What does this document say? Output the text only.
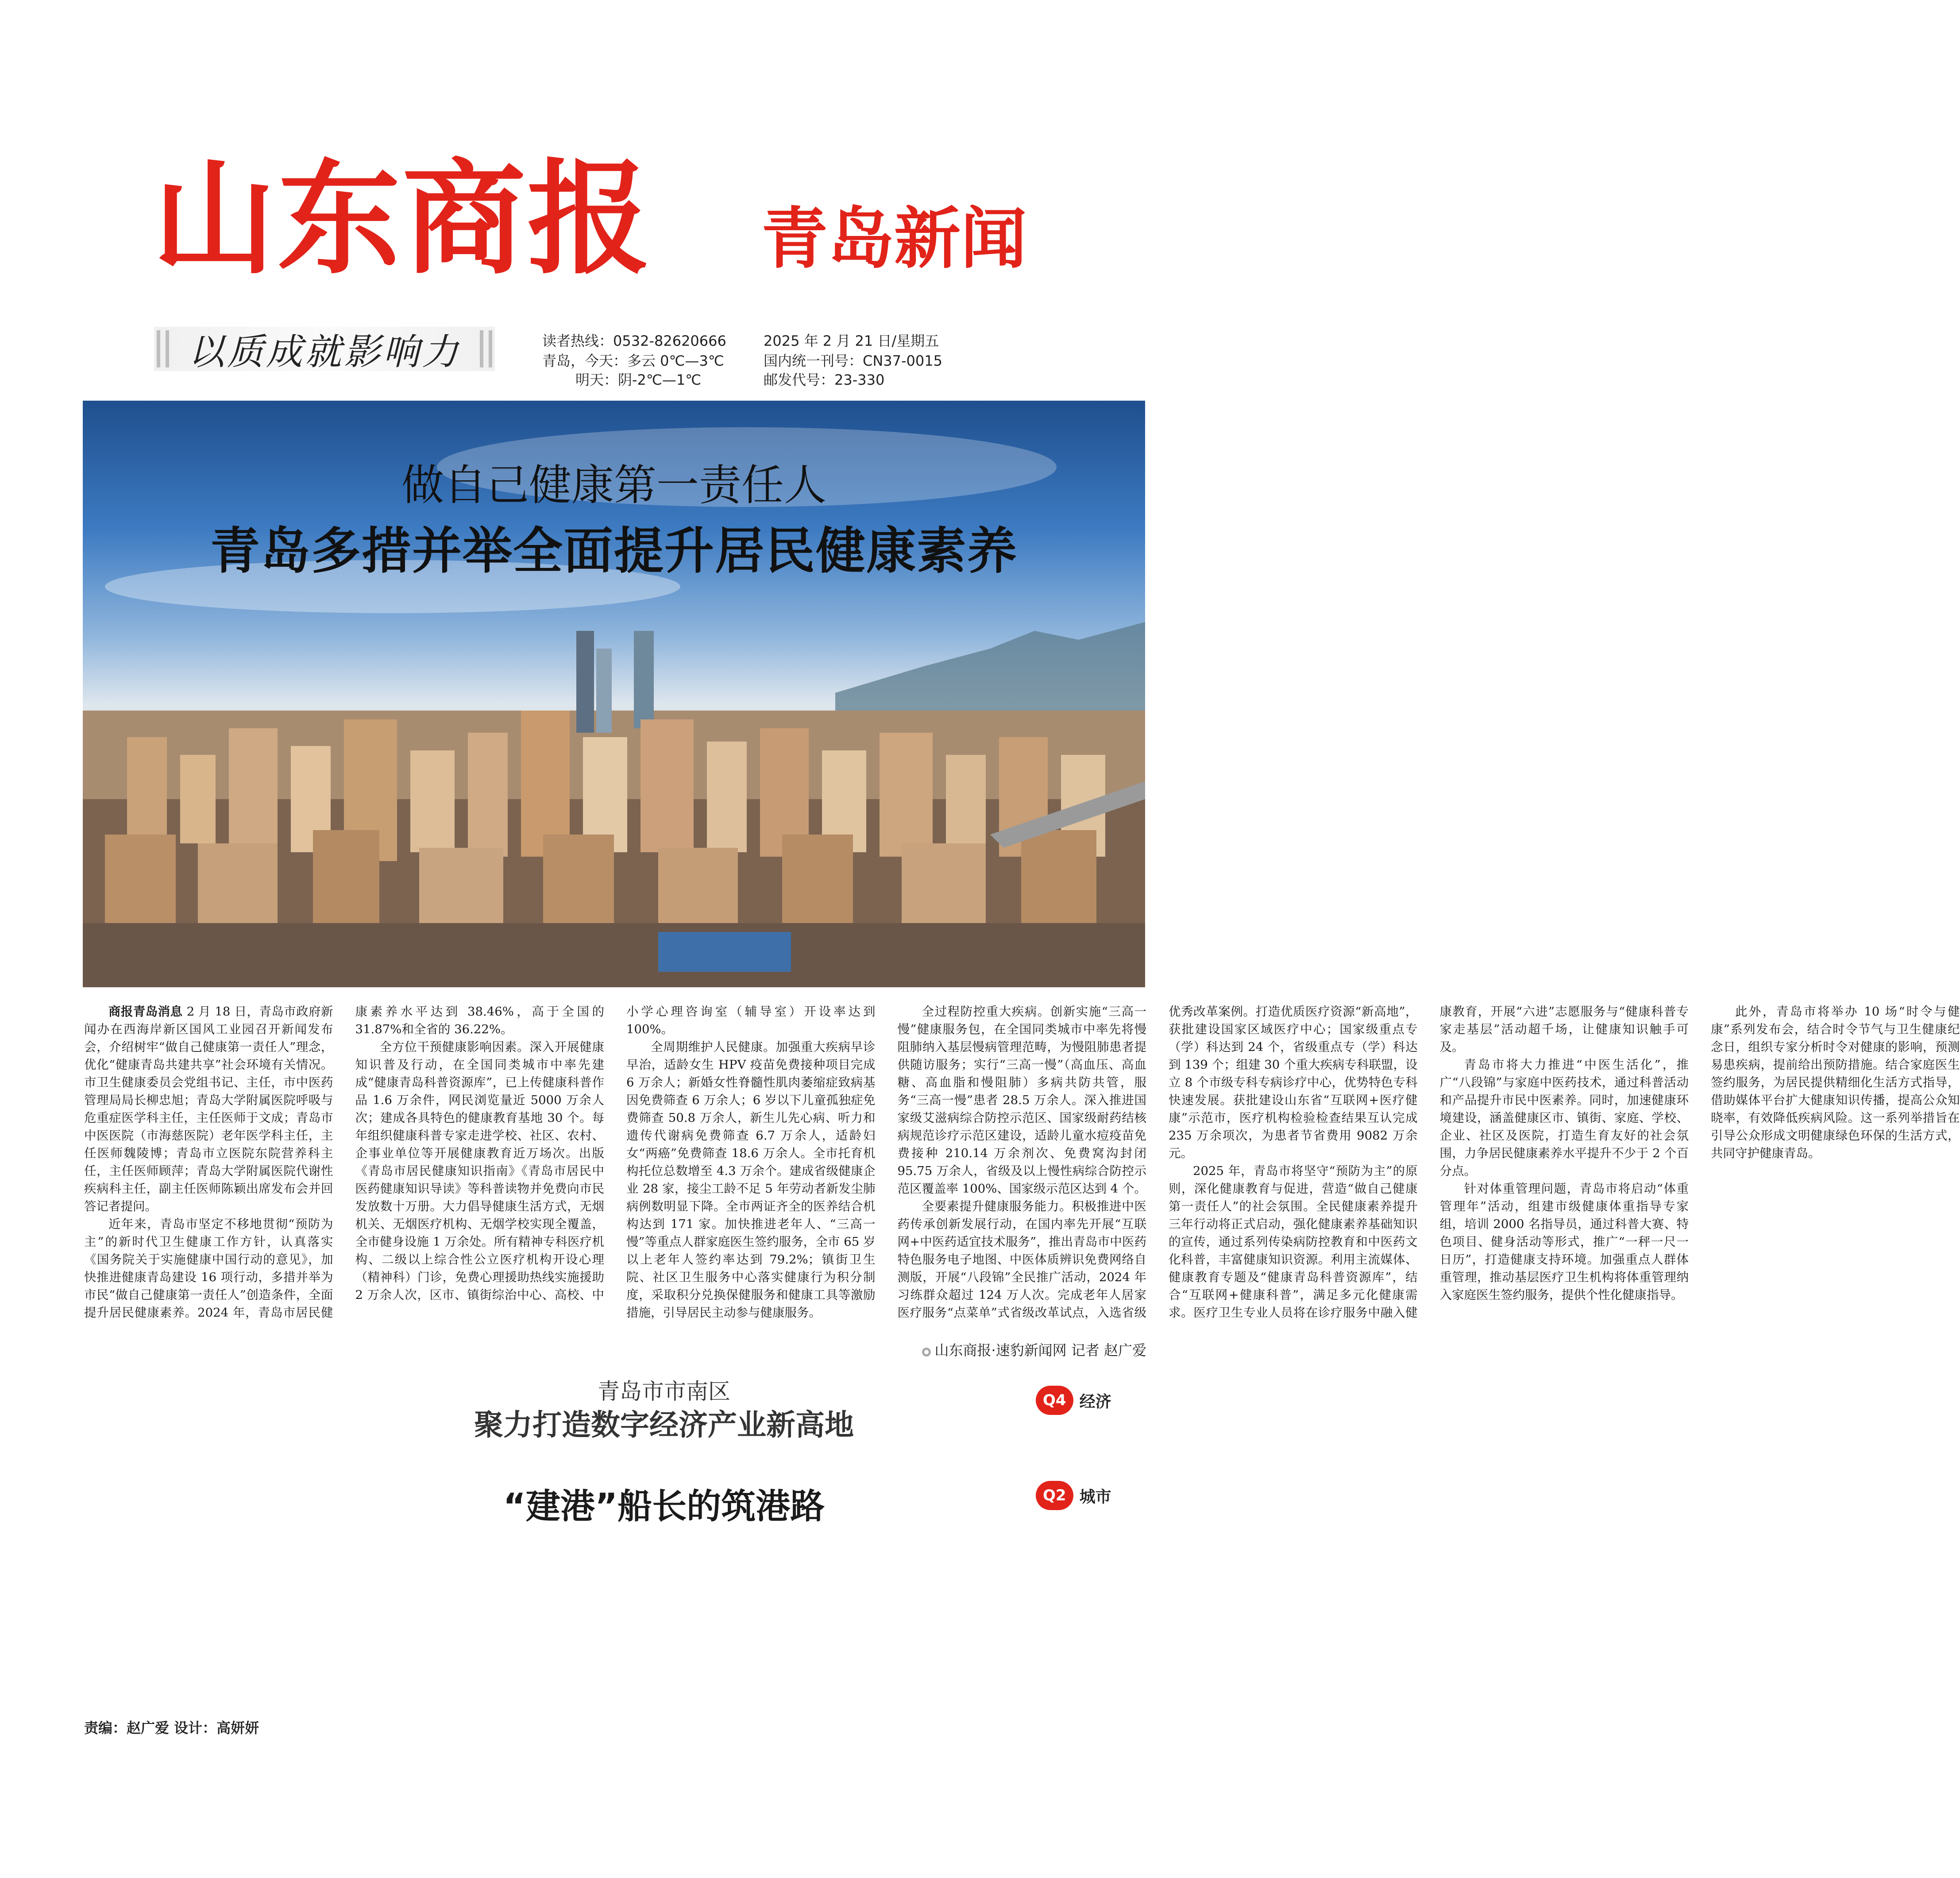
山东商报 青岛新闻
以质成就影响力	读者热线：0532-82620666
青岛，今天：多云 0℃—3℃
明天：阴-2℃—1℃
2025 年 2 月 21 日/星期五
国内统一刊号：CN37-0015
邮发代号：23-330
做自己健康第一责任人
青岛多措并举全面提升居民健康素养

商报青岛消息 2 月 18 日，青岛市政府新闻办在西海岸新区国风工业园召开新闻发布会，介绍树牢“做自己健康第一责任人”理念，优化“健康青岛共建共享”社会环境有关情况。市卫生健康委员会党组书记、主任，市中医药管理局局长柳忠旭；青岛大学附属医院呼吸与危重症医学科主任，主任医师于文成；青岛市中医医院（市海慈医院）老年医学科主任，主任医师魏陵博；青岛市立医院东院营养科主任，主任医师顾萍；青岛大学附属医院代谢性疾病科主任，副主任医师陈颖出席发布会并回答记者提问。

近年来，青岛市坚定不移地贯彻“预防为主”的新时代卫生健康工作方针，认真落实《国务院关于实施健康中国行动的意见》，加快推进健康青岛建设 16 项行动，多措并举为市民“做自己健康第一责任人”创造条件，全面提升居民健康素养。2024 年，青岛市居民健康素养水平达到 38.46%，高于全国的 31.87%和全省的 36.22%。

全方位干预健康影响因素。深入开展健康知识普及行动，在全国同类城市中率先建成“健康青岛科普资源库”，已上传健康科普作品 1.6 万余件，网民浏览量近 5000 万余人次；建成各具特色的健康教育基地 30 个。每年组织健康科普专家走进学校、社区、农村、企事业单位等开展健康教育近万场次。出版《青岛市居民健康知识指南》《青岛市居民中医药健康知识导读》等科普读物并免费向市民发放数十万册。大力倡导健康生活方式，无烟机关、无烟医疗机构、无烟学校实现全覆盖，全市健身设施 1 万余处。所有精神专科医疗机构、二级以上综合性公立医疗机构开设心理（精神科）门诊，免费心理援助热线实施援助 2 万余人次，区市、镇街综治中心、高校、中小学心理咨询室（辅导室）开设率达到 100%。

全周期维护人民健康。加强重大疾病早诊早治，适龄女生 HPV 疫苗免费接种项目完成 6 万余人；新婚女性脊髓性肌肉萎缩症致病基因免费筛查 6 万余人；6 岁以下儿童孤独症免费筛查 50.8 万余人，新生儿先心病、听力和遗传代谢病免费筛查 6.7 万余人，适龄妇女“两癌”免费筛查 18.6 万余人。全市托育机构托位总数增至 4.3 万余个。建成省级健康企业 28 家，接尘工龄不足 5 年劳动者新发尘肺病例数明显下降。全市两证齐全的医养结合机构达到 171 家。加快推进老年人、“三高一慢”等重点人群家庭医生签约服务，全市 65 岁以上老年人签约率达到 79.2%；镇街卫生院、社区卫生服务中心落实健康行为积分制度，采取积分兑换保健服务和健康工具等激励措施，引导居民主动参与健康服务。

全过程防控重大疾病。创新实施“三高一慢”健康服务包，在全国同类城市中率先将慢阻肺纳入基层慢病管理范畴，为慢阻肺患者提供随访服务；实行“三高一慢”（高血压、高血糖、高血脂和慢阻肺）多病共防共管，服务“三高一慢”患者 28.5 万余人。深入推进国家级艾滋病综合防控示范区、国家级耐药结核病规范诊疗示范区建设，适龄儿童水痘疫苗免费接种 210.14 万余剂次、免费窝沟封闭 95.75 万余人，省级及以上慢性病综合防控示范区覆盖率 100%、国家级示范区达到 4 个。

全要素提升健康服务能力。积极推进中医药传承创新发展行动，在国内率先开展“互联网+中医药适宜技术服务”，推出青岛市中医药特色服务电子地图、中医体质辨识免费网络自测版，开展“八段锦”全民推广活动，2024 年习练群众超过 124 万人次。完成老年人居家医疗服务“点菜单”式省级改革试点，入选省级优秀改革案例。打造优质医疗资源“新高地”，获批建设国家区域医疗中心；国家级重点专（学）科达到 24 个，省级重点专（学）科达到 139 个；组建 30 个重大疾病专科联盟，设立 8 个市级专科专病诊疗中心，优势特色专科快速发展。获批建设山东省“互联网+医疗健康”示范市，医疗机构检验检查结果互认完成 235 万余项次，为患者节省费用 9082 万余元。

2025 年，青岛市将坚守“预防为主”的原则，深化健康教育与促进，营造“做自己健康第一责任人”的社会氛围。全民健康素养提升三年行动将正式启动，强化健康素养基础知识的宣传，通过系列传染病防控教育和中医药文化科普，丰富健康知识资源。利用主流媒体、健康教育专题及“健康青岛科普资源库”，结合“互联网+健康科普”，满足多元化健康需求。医疗卫生专业人员将在诊疗服务中融入健康教育，开展“六进”志愿服务与“健康科普专家走基层”活动超千场，让健康知识触手可及。

青岛市将大力推进“中医生活化”，推广“八段锦”与家庭中医药技术，通过科普活动和产品提升市民中医素养。同时，加速健康环境建设，涵盖健康区市、镇街、家庭、学校、企业、社区及医院，打造生育友好的社会氛围，力争居民健康素养水平提升不少于 2 个百分点。

针对体重管理问题，青岛市将启动“体重管理年”活动，组建市级健康体重指导专家组，培训 2000 名指导员，通过科普大赛、特色项目、健身活动等形式，推广“一秤一尺一日历”，打造健康支持环境。加强重点人群体重管理，推动基层医疗卫生机构将体重管理纳入家庭医生签约服务，提供个性化健康指导。

此外，青岛市将举办 10 场“时令与健康”系列发布会，结合时令节气与卫生健康纪念日，组织专家分析时令对健康的影响，预测易患疾病，提前给出预防措施。结合家庭医生签约服务，为居民提供精细化生活方式指导，借助媒体平台扩大健康知识传播，提高公众知晓率，有效降低疾病风险。这一系列举措旨在引导公众形成文明健康绿色环保的生活方式，共同守护健康青岛。

山东商报·速豹新闻网 记者 赵广爱
青岛市市南区
聚力打造数字经济产业新高地
“建港”船长的筑港路
Q4 经济
Q2 城市
责编：赵广爱 设计：高妍妍
